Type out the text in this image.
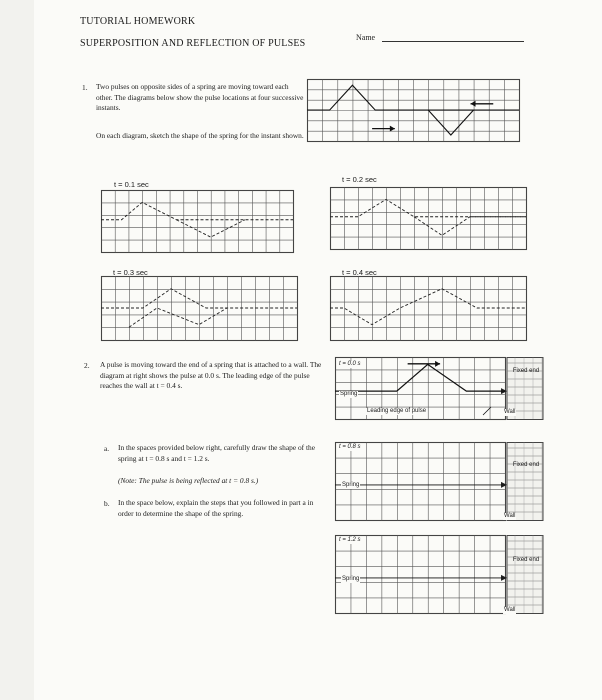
TUTORIAL HOMEWORK
SUPERPOSITION AND REFLECTION OF PULSES
Name
1. Two pulses on opposite sides of a spring are moving toward each other. The diagrams below show the pulse locations at four successive instants.
On each diagram, sketch the shape of the spring for the instant shown.
t = 0.1 sec
t = 0.2 sec
t = 0.3 sec	t = 0.4 sec
2. A pulse is moving toward the end of a spring that is attached to a wall. The diagram at right shows the pulse at 0.0 s. The leading edge of the pulse reaches the wall at t = 0.4 s.
a. In the spaces provided below right, carefully draw the shape of the spring at t = 0.8 s and t = 1.2 s.
(Note: The pulse is being reflected at t = 0.8 s.)
b. In the space below, explain the steps that you followed in part a in order to determine the shape of the spring.
t = 0.0 s
Spring
Leading edge of pulse
Fixed end
Wall
t = 0.8 s
Spring
Fixed end
Wall
t = 1.2 s
Spring
Fixed end
Wall
